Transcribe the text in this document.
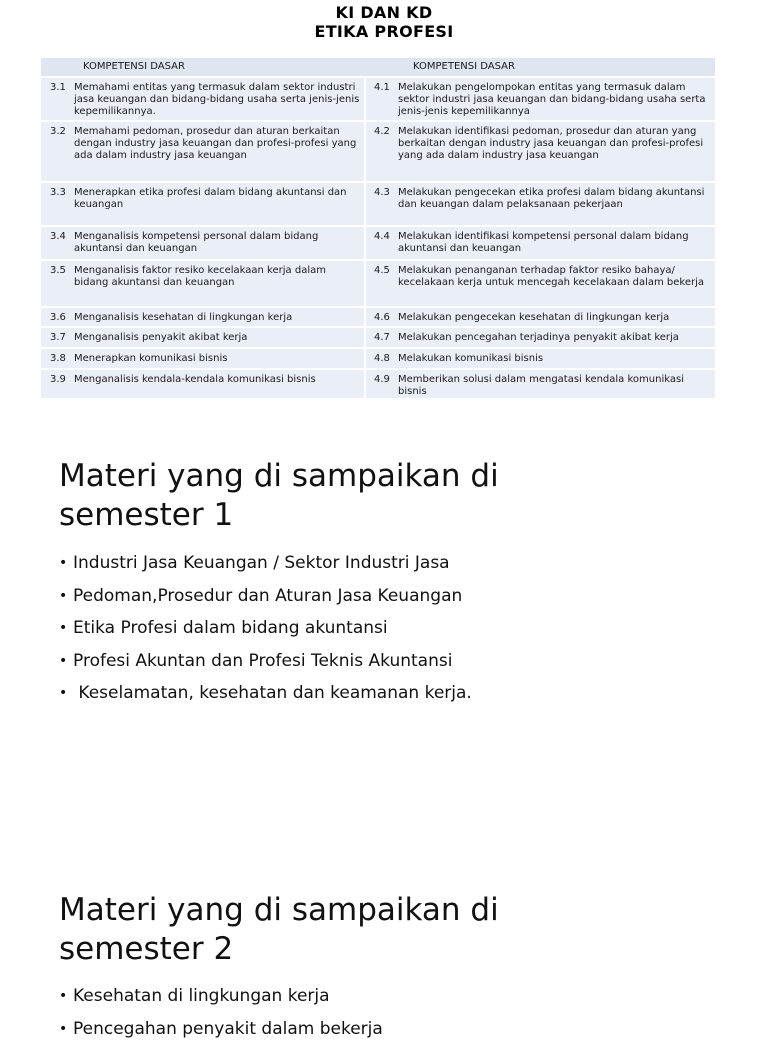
KI DAN KD
ETIKA PROFESI
KOMPETENSI DASAR	KOMPETENSI DASAR

3.1 Memahami entitas yang termasuk dalam sektor industri jasa keuangan dan bidang-bidang usaha serta jenis-jenis kepemilikannya.	4.1 Melakukan pengelompokan entitas yang termasuk dalam sektor industri jasa keuangan dan bidang-bidang usaha serta jenis-jenis kepemilikannya

3.2 Memahami pedoman, prosedur dan aturan berkaitan dengan industry jasa keuangan dan profesi-profesi yang ada dalam industry jasa keuangan	4.2 Melakukan identifikasi pedoman, prosedur dan aturan yang berkaitan dengan industry jasa keuangan dan profesi-profesi yang ada dalam industry jasa keuangan

3.3 Menerapkan etika profesi dalam bidang akuntansi dan keuangan	4.3 Melakukan pengecekan etika profesi dalam bidang akuntansi dan keuangan dalam pelaksanaan pekerjaan

3.4 Menganalisis kompetensi personal dalam bidang akuntansi dan keuangan	4.4 Melakukan identifikasi kompetensi personal dalam bidang akuntansi dan keuangan

3.5 Menganalisis faktor resiko kecelakaan kerja dalam bidang akuntansi dan keuangan	4.5 Melakukan penanganan terhadap faktor resiko bahaya/ kecelakaan kerja untuk mencegah kecelakaan dalam bekerja

3.6 Menganalisis kesehatan di lingkungan kerja	4.6 Melakukan pengecekan kesehatan di lingkungan kerja

3.7 Menganalisis penyakit akibat kerja	4.7 Melakukan pencegahan terjadinya penyakit akibat kerja

3.8 Menerapkan komunikasi bisnis	4.8 Melakukan komunikasi bisnis

3.9 Menganalisis kendala-kendala komunikasi bisnis	4.9 Memberikan solusi dalam mengatasi kendala komunikasi bisnis
Materi yang di sampaikan di
semester 1
• Industri Jasa Keuangan / Sektor Industri Jasa
• Pedoman,Prosedur dan Aturan Jasa Keuangan
• Etika Profesi dalam bidang akuntansi
• Profesi Akuntan dan Profesi Teknis Akuntansi
• Keselamatan, kesehatan dan keamanan kerja.
Materi yang di sampaikan di
semester 2
• Kesehatan di lingkungan kerja
• Pencegahan penyakit dalam bekerja
